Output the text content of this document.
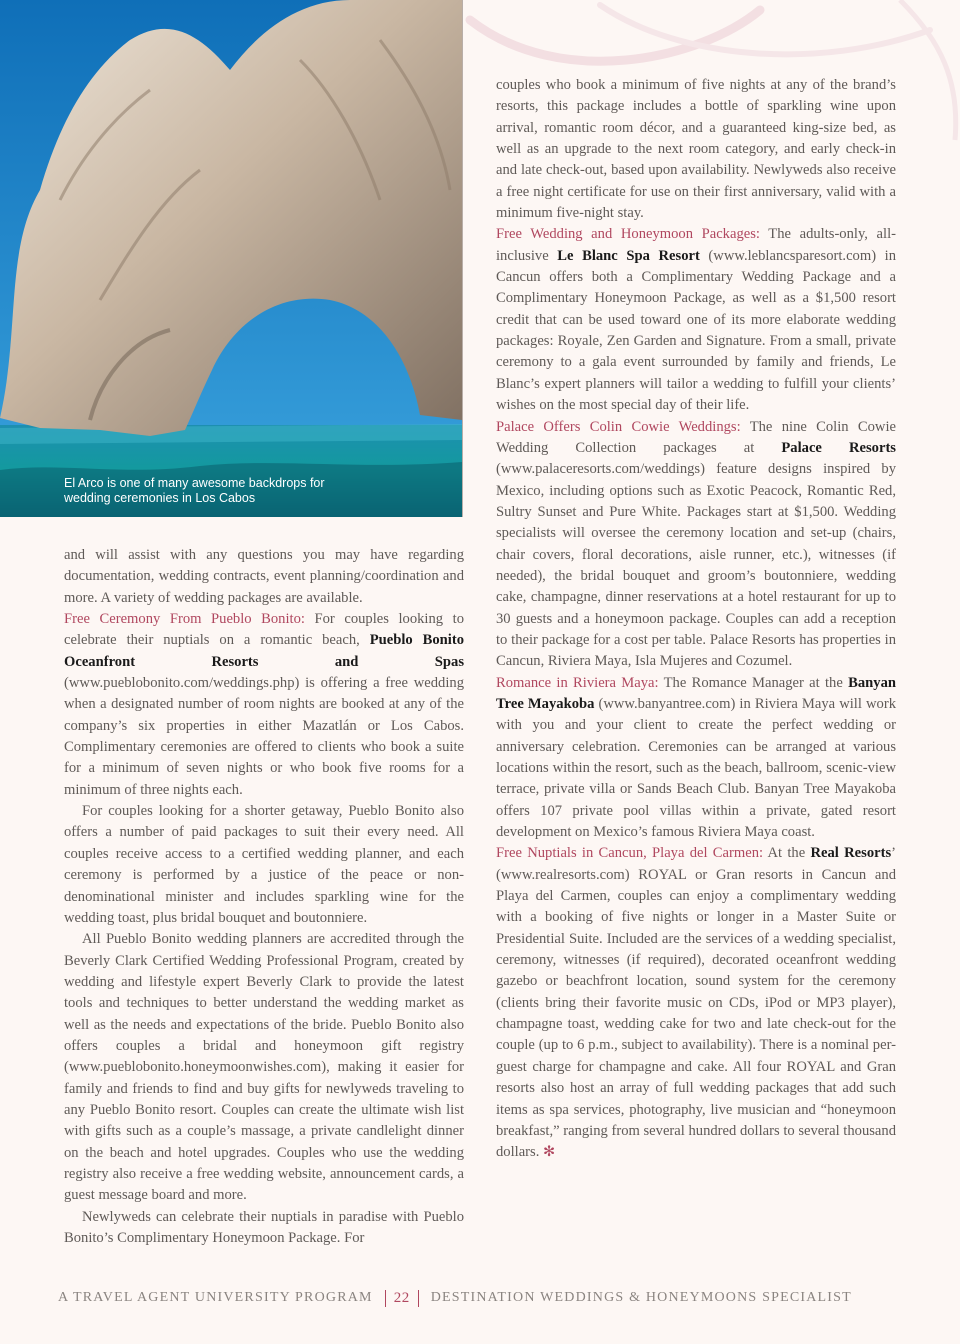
El Arco is one of many awesome backdrops for wedding ceremonies in Los Cabos

and will assist with any questions you may have regarding documentation, wedding contracts, event planning/coordination and more. A variety of wedding packages are available.

Free Ceremony From Pueblo Bonito: For couples looking to celebrate their nuptials on a romantic beach, Pueblo Bonito Oceanfront Resorts and Spas (www.pueblobonito.com/weddings.php) is offering a free wedding when a designated number of room nights are booked at any of the company’s six properties in either Mazatlán or Los Cabos. Complimentary ceremonies are offered to clients who book a suite for a minimum of seven nights or who book five rooms for a minimum of three nights each.

For couples looking for a shorter getaway, Pueblo Bonito also offers a number of paid packages to suit their every need. All couples receive access to a certified wedding planner, and each ceremony is performed by a justice of the peace or non-denominational minister and includes sparkling wine for the wedding toast, plus bridal bouquet and boutonniere.

All Pueblo Bonito wedding planners are accredited through the Beverly Clark Certified Wedding Professional Program, created by wedding and lifestyle expert Beverly Clark to provide the latest tools and techniques to better understand the wedding market as well as the needs and expectations of the bride. Pueblo Bonito also offers couples a bridal and honeymoon gift registry (www.pueblobonito.honeymoonwishes.com), making it easier for family and friends to find and buy gifts for newlyweds traveling to any Pueblo Bonito resort. Couples can create the ultimate wish list with gifts such as a couple’s massage, a private candlelight dinner on the beach and hotel upgrades. Couples who use the wedding registry also receive a free wedding website, announcement cards, a guest message board and more.

Newlyweds can celebrate their nuptials in paradise with Pueblo Bonito’s Complimentary Honeymoon Package. For

couples who book a minimum of five nights at any of the brand’s resorts, this package includes a bottle of sparkling wine upon arrival, romantic room décor, and a guaranteed king-size bed, as well as an upgrade to the next room category, and early check-in and late check-out, based upon availability. Newlyweds also receive a free night certificate for use on their first anniversary, valid with a minimum five-night stay.

Free Wedding and Honeymoon Packages: The adults-only, all-inclusive Le Blanc Spa Resort (www.leblancsparesort.com) in Cancun offers both a Complimentary Wedding Package and a Complimentary Honeymoon Package, as well as a $1,500 resort credit that can be used toward one of its more elaborate wedding packages: Royale, Zen Garden and Signature. From a small, private ceremony to a gala event surrounded by family and friends, Le Blanc’s expert planners will tailor a wedding to fulfill your clients’ wishes on the most special day of their life.

Palace Offers Colin Cowie Weddings: The nine Colin Cowie Wedding Collection packages at Palace Resorts (www.palaceresorts.com/weddings) feature designs inspired by Mexico, including options such as Exotic Peacock, Romantic Red, Sultry Sunset and Pure White. Packages start at $1,500. Wedding specialists will oversee the ceremony location and set-up (chairs, chair covers, floral decorations, aisle runner, etc.), witnesses (if needed), the bridal bouquet and groom’s boutonniere, wedding cake, champagne, dinner reservations at a hotel restaurant for up to 30 guests and a honeymoon package. Couples can add a reception to their package for a cost per table. Palace Resorts has properties in Cancun, Riviera Maya, Isla Mujeres and Cozumel.

Romance in Riviera Maya: The Romance Manager at the Banyan Tree Mayakoba (www.banyantree.com) in Riviera Maya will work with you and your client to create the perfect wedding or anniversary celebration. Ceremonies can be arranged at various locations within the resort, such as the beach, ballroom, scenic-view terrace, private villa or Sands Beach Club. Banyan Tree Mayakoba offers 107 private pool villas within a private, gated resort development on Mexico’s famous Riviera Maya coast.

Free Nuptials in Cancun, Playa del Carmen: At the Real Resorts’ (www.realresorts.com) ROYAL or Gran resorts in Cancun and Playa del Carmen, couples can enjoy a complimentary wedding with a booking of five nights or longer in a Master Suite or Presidential Suite. Included are the services of a wedding specialist, ceremony, witnesses (if required), decorated oceanfront wedding gazebo or beachfront location, sound system for the ceremony (clients bring their favorite music on CDs, iPod or MP3 player), champagne toast, wedding cake for two and late check-out for the couple (up to 6 p.m., subject to availability). There is a nominal per-guest charge for champagne and cake. All four ROYAL and Gran resorts also host an array of full wedding packages that add such items as spa services, photography, live musician and “honeymoon breakfast,” ranging from several hundred dollars to several thousand dollars. ✻

A TRAVEL AGENT UNIVERSITY PROGRAM	22	DESTINATION WEDDINGS & HONEYMOONS SPECIALIST
